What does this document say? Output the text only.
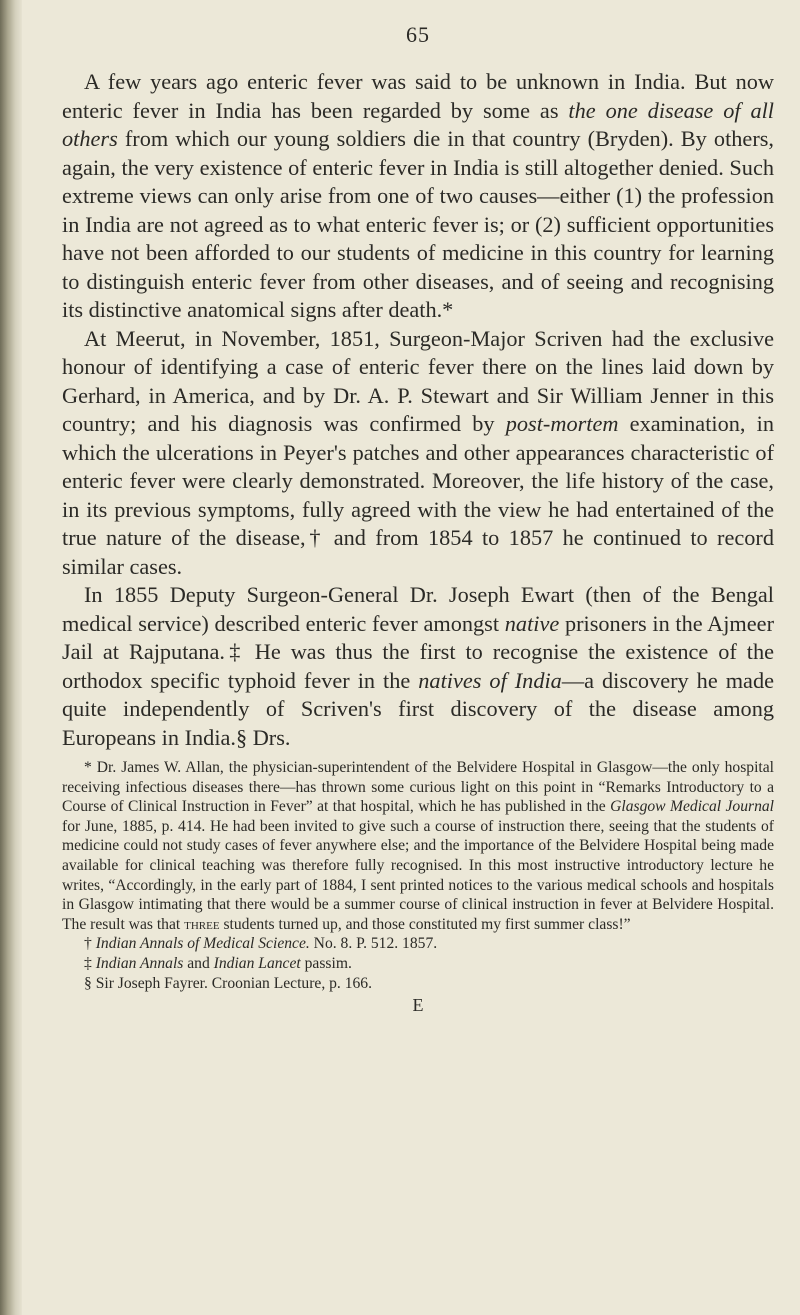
65

A few years ago enteric fever was said to be unknown in India. But now enteric fever in India has been regarded by some as the one disease of all others from which our young soldiers die in that country (Bryden). By others, again, the very existence of enteric fever in India is still altogether denied. Such extreme views can only arise from one of two causes—either (1) the profession in India are not agreed as to what enteric fever is; or (2) sufficient opportunities have not been afforded to our students of medicine in this country for learning to distinguish enteric fever from other diseases, and of seeing and recognising its distinctive anatomical signs after death.*

At Meerut, in November, 1851, Surgeon-Major Scriven had the exclusive honour of identifying a case of enteric fever there on the lines laid down by Gerhard, in America, and by Dr. A. P. Stewart and Sir William Jenner in this country; and his diagnosis was confirmed by post-mortem examination, in which the ulcerations in Peyer's patches and other appearances characteristic of enteric fever were clearly demonstrated. Moreover, the life history of the case, in its previous symptoms, fully agreed with the view he had entertained of the true nature of the disease,† and from 1854 to 1857 he continued to record similar cases.

In 1855 Deputy Surgeon-General Dr. Joseph Ewart (then of the Bengal medical service) described enteric fever amongst native prisoners in the Ajmeer Jail at Rajputana.‡ He was thus the first to recognise the existence of the orthodox specific typhoid fever in the natives of India—a discovery he made quite independently of Scriven's first discovery of the disease among Europeans in India.§ Drs.

* Dr. James W. Allan, the physician-superintendent of the Belvidere Hospital in Glasgow—the only hospital receiving infectious diseases there—has thrown some curious light on this point in “Remarks Introductory to a Course of Clinical Instruction in Fever” at that hospital, which he has published in the Glasgow Medical Journal for June, 1885, p. 414. He had been invited to give such a course of instruction there, seeing that the students of medicine could not study cases of fever anywhere else; and the importance of the Belvidere Hospital being made available for clinical teaching was therefore fully recognised. In this most instructive introductory lecture he writes, “Accordingly, in the early part of 1884, I sent printed notices to the various medical schools and hospitals in Glasgow intimating that there would be a summer course of clinical instruction in fever at Belvidere Hospital. The result was that three students turned up, and those constituted my first summer class!”

† Indian Annals of Medical Science. No. 8. P. 512. 1857.

‡ Indian Annals and Indian Lancet passim.

§ Sir Joseph Fayrer. Croonian Lecture, p. 166.

E
